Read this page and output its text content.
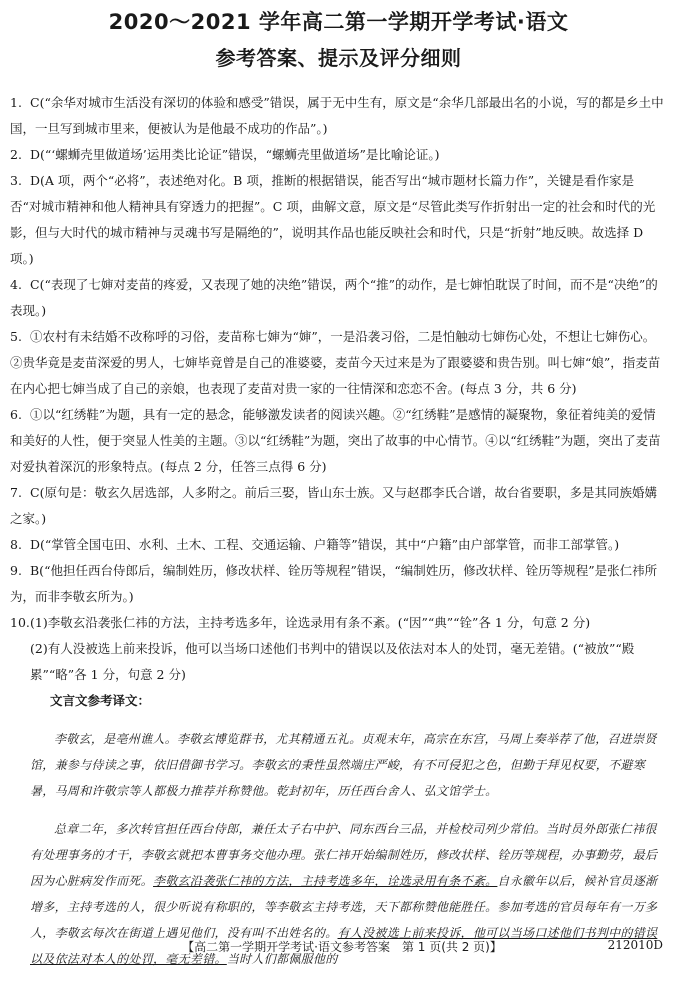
2020～2021 学年高二第一学期开学考试·语文
参考答案、提示及评分细则

1. C(“余华对城市生活没有深切的体验和感受”错误，属于无中生有，原文是“余华几部最出名的小说，写的都是乡土中国，一旦写到城市里来，便被认为是他最不成功的作品”。)

2. D(“‘螺蛳壳里做道场’运用类比论证”错误，“螺蛳壳里做道场”是比喻论证。)

3. D(A 项，两个“必将”，表述绝对化。B 项，推断的根据错误，能否写出“城市题材长篇力作”，关键是看作家是否“对城市精神和他人精神具有穿透力的把握”。C 项，曲解文意，原文是“尽管此类写作折射出一定的社会和时代的光影，但与大时代的城市精神与灵魂书写是隔绝的”，说明其作品也能反映社会和时代，只是“折射”地反映。故选择 D 项。)

4. C(“表现了七婶对麦苗的疼爱，又表现了她的决绝”错误，两个“推”的动作，是七婶怕耽误了时间，而不是“决绝”的表现。)

5. ①农村有未结婚不改称呼的习俗，麦苗称七婶为“婶”，一是沿袭习俗，二是怕触动七婶伤心处，不想让七婶伤心。②贵华竟是麦苗深爱的男人，七婶毕竟曾是自己的准婆婆，麦苗今天过来是为了跟婆婆和贵告别。叫七婶“娘”，指麦苗在内心把七婶当成了自己的亲娘，也表现了麦苗对贵一家的一往情深和恋恋不舍。(每点 3 分，共 6 分)

6. ①以“红绣鞋”为题，具有一定的悬念，能够激发读者的阅读兴趣。②“红绣鞋”是感情的凝聚物，象征着纯美的爱情和美好的人性，便于突显人性美的主题。③以“红绣鞋”为题，突出了故事的中心情节。④以“红绣鞋”为题，突出了麦苗对爱执着深沉的形象特点。(每点 2 分，任答三点得 6 分)

7. C(原句是：敬玄久居选部，人多附之。前后三娶，皆山东士族。又与赵郡李氏合谱，故台省要职，多是其同族婚媾之家。)

8. D(“掌管全国屯田、水利、土木、工程、交通运输、户籍等”错误，其中“户籍”由户部掌管，而非工部掌管。)

9. B(“他担任西台侍郎后，编制姓历，修改状样、铨历等规程”错误，“编制姓历，修改状样、铨历等规程”是张仁祎所为，而非李敬玄所为。)

10.(1)李敬玄沿袭张仁祎的方法，主持考选多年，诠选录用有条不紊。(“因”“典”“铨”各 1 分，句意 2 分)

(2)有人没被选上前来投诉，他可以当场口述他们书判中的错误以及依法对本人的处罚，毫无差错。(“被放”“殿累”“略”各 1 分，句意 2 分)

文言文参考译文：

李敬玄，是亳州谯人。李敬玄博览群书，尤其精通五礼。贞观末年，高宗在东宫，马周上奏举荐了他，召进崇贤馆，兼参与侍读之事，依旧借御书学习。李敬玄的秉性虽然端庄严峻，有不可侵犯之色，但勤于拜见权要，不避寒暑，马周和许敬宗等人都极力推荐并称赞他。乾封初年，历任西台舍人、弘文馆学士。

总章二年，多次转官担任西台侍郎，兼任太子右中护、同东西台三品，并检校司列少常伯。当时员外郎张仁祎很有处理事务的才干，李敬玄就把本曹事务交他办理。张仁祎开始编制姓历，修改状样、铨历等规程，办事勤劳，最后因为心脏病发作而死。李敬玄沿袭张仁祎的方法，主持考选多年，诠选录用有条不紊。自永徽年以后，候补官员逐渐增多，主持考选的人，很少听说有称职的，等李敬玄主持考选，天下都称赞他能胜任。参加考选的官员每年有一万多人，李敬玄每次在街道上遇见他们，没有叫不出姓名的。有人没被选上前来投诉，他可以当场口述他们书判中的错误以及依法对本人的处罚，毫无差错。当时人们都佩服他的

【高二第一学期开学考试·语文参考答案　第 1 页(共 2 页)】	212010D
